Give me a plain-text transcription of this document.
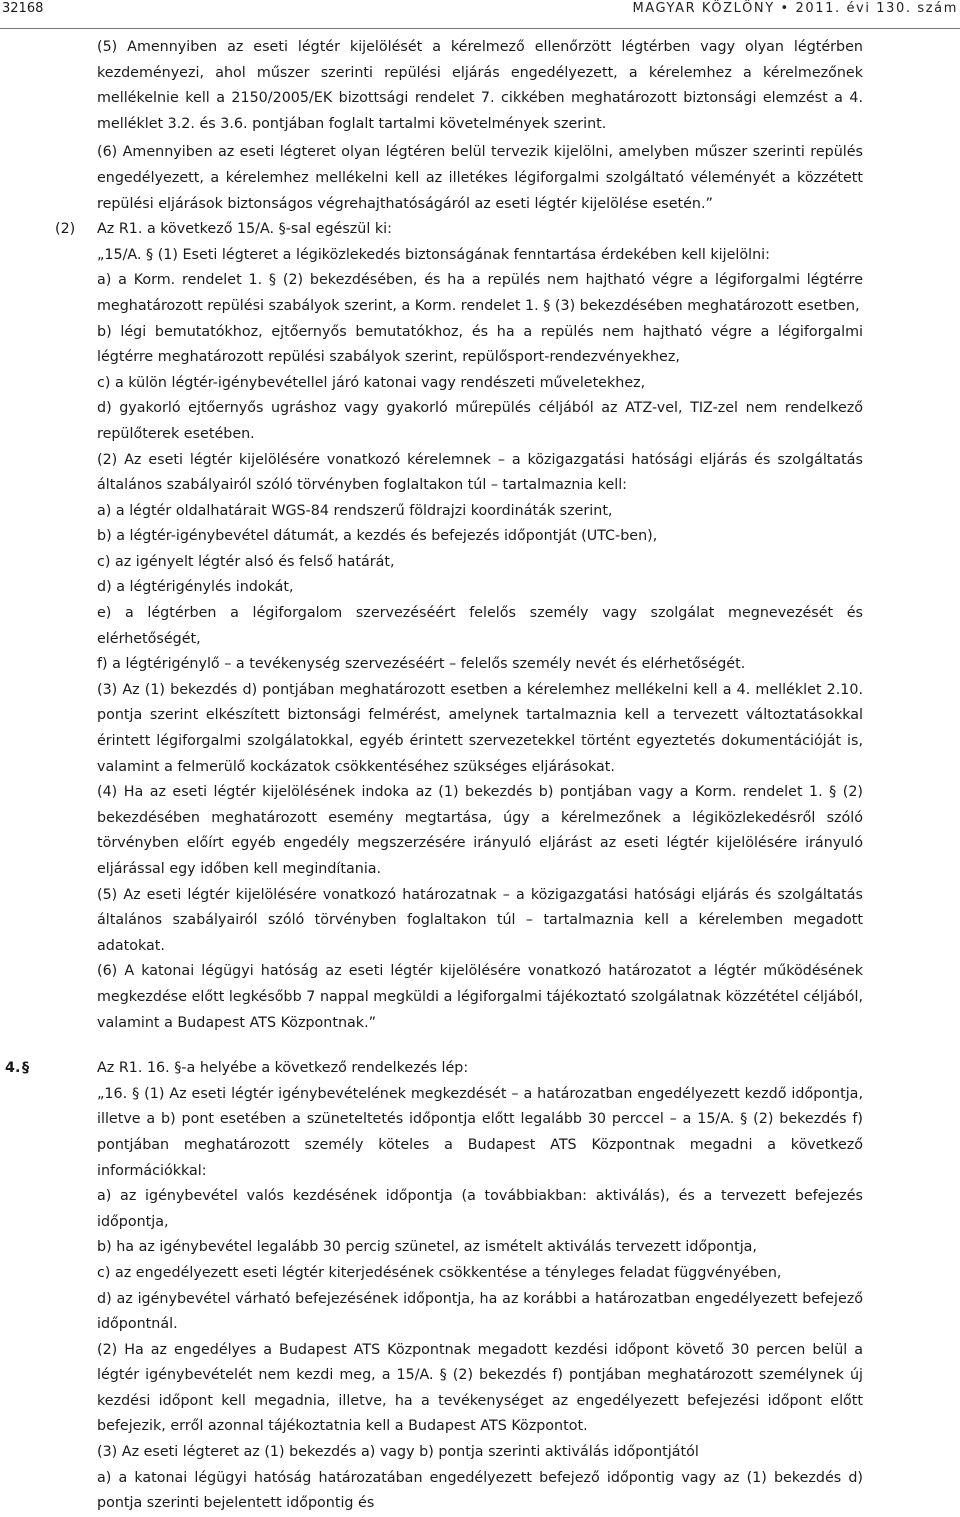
32168	MAGYAR KÖZLÖNY • 2011. évi 130. szám

(5) Amennyiben az eseti légtér kijelölését a kérelmező ellenőrzött légtérben vagy olyan légtérben kezdeményezi, ahol műszer szerinti repülési eljárás engedélyezett, a kérelemhez a kérelmezőnek mellékelnie kell a 2150/2005/EK bizottsági rendelet 7. cikkében meghatározott biztonsági elemzést a 4. melléklet 3.2. és 3.6. pontjában foglalt tartalmi követelmények szerint.

(6) Amennyiben az eseti légteret olyan légtéren belül tervezik kijelölni, amelyben műszer szerinti repülés engedélyezett, a kérelemhez mellékelni kell az illetékes légiforgalmi szolgáltató véleményét a közzétett repülési eljárások biztonságos végrehajthatóságáról az eseti légtér kijelölése esetén.”

(2) Az R1. a következő 15/A. §-sal egészül ki:

„15/A. § (1) Eseti légteret a légiközlekedés biztonságának fenntartása érdekében kell kijelölni:

a) a Korm. rendelet 1. § (2) bekezdésében, és ha a repülés nem hajtható végre a légiforgalmi légtérre meghatározott repülési szabályok szerint, a Korm. rendelet 1. § (3) bekezdésében meghatározott esetben,

b) légi bemutatókhoz, ejtőernyős bemutatókhoz, és ha a repülés nem hajtható végre a légiforgalmi légtérre meghatározott repülési szabályok szerint, repülősport-rendezvényekhez,

c) a külön légtér-igénybevétellel járó katonai vagy rendészeti műveletekhez,

d) gyakorló ejtőernyős ugráshoz vagy gyakorló műrepülés céljából az ATZ-vel, TIZ-zel nem rendelkező repülőterek esetében.

(2) Az eseti légtér kijelölésére vonatkozó kérelemnek – a közigazgatási hatósági eljárás és szolgáltatás általános szabályairól szóló törvényben foglaltakon túl – tartalmaznia kell:

a) a légtér oldalhatárait WGS-84 rendszerű földrajzi koordináták szerint,

b) a légtér-igénybevétel dátumát, a kezdés és befejezés időpontját (UTC-ben),

c) az igényelt légtér alsó és felső határát,

d) a légtérigénylés indokát,

e) a légtérben a légiforgalom szervezéséért felelős személy vagy szolgálat megnevezését és elérhetőségét,

f) a légtérigénylő – a tevékenység szervezéséért – felelős személy nevét és elérhetőségét.

(3) Az (1) bekezdés d) pontjában meghatározott esetben a kérelemhez mellékelni kell a 4. melléklet 2.10. pontja szerint elkészített biztonsági felmérést, amelynek tartalmaznia kell a tervezett változtatásokkal érintett légiforgalmi szolgálatokkal, egyéb érintett szervezetekkel történt egyeztetés dokumentációját is, valamint a felmerülő kockázatok csökkentéséhez szükséges eljárásokat.

(4) Ha az eseti légtér kijelölésének indoka az (1) bekezdés b) pontjában vagy a Korm. rendelet 1. § (2) bekezdésében meghatározott esemény megtartása, úgy a kérelmezőnek a légiközlekedésről szóló törvényben előírt egyéb engedély megszerzésére irányuló eljárást az eseti légtér kijelölésére irányuló eljárással egy időben kell megindítania.

(5) Az eseti légtér kijelölésére vonatkozó határozatnak – a közigazgatási hatósági eljárás és szolgáltatás általános szabályairól szóló törvényben foglaltakon túl – tartalmaznia kell a kérelemben megadott adatokat.

(6) A katonai légügyi hatóság az eseti légtér kijelölésére vonatkozó határozatot a légtér működésének megkezdése előtt legkésőbb 7 nappal megküldi a légiforgalmi tájékoztató szolgálatnak közzététel céljából, valamint a Budapest ATS Központnak.”

4. §	Az R1. 16. §-a helyébe a következő rendelkezés lép:

„16. § (1) Az eseti légtér igénybevételének megkezdését – a határozatban engedélyezett kezdő időpontja, illetve a b) pont esetében a szüneteltetés időpontja előtt legalább 30 perccel – a 15/A. § (2) bekezdés f) pontjában meghatározott személy köteles a Budapest ATS Központnak megadni a következő információkkal:

a) az igénybevétel valós kezdésének időpontja (a továbbiakban: aktiválás), és a tervezett befejezés időpontja,

b) ha az igénybevétel legalább 30 percig szünetel, az ismételt aktiválás tervezett időpontja,

c) az engedélyezett eseti légtér kiterjedésének csökkentése a tényleges feladat függvényében,

d) az igénybevétel várható befejezésének időpontja, ha az korábbi a határozatban engedélyezett befejező időpontnál.

(2) Ha az engedélyes a Budapest ATS Központnak megadott kezdési időpont követő 30 percen belül a légtér igénybevételét nem kezdi meg, a 15/A. § (2) bekezdés f) pontjában meghatározott személynek új kezdési időpont kell megadnia, illetve, ha a tevékenységet az engedélyezett befejezési időpont előtt befejezik, erről azonnal tájékoztatnia kell a Budapest ATS Központot.

(3) Az eseti légteret az (1) bekezdés a) vagy b) pontja szerinti aktiválás időpontjától

a) a katonai légügyi hatóság határozatában engedélyezett befejező időpontig vagy az (1) bekezdés d) pontja szerinti bejelentett időpontig és
